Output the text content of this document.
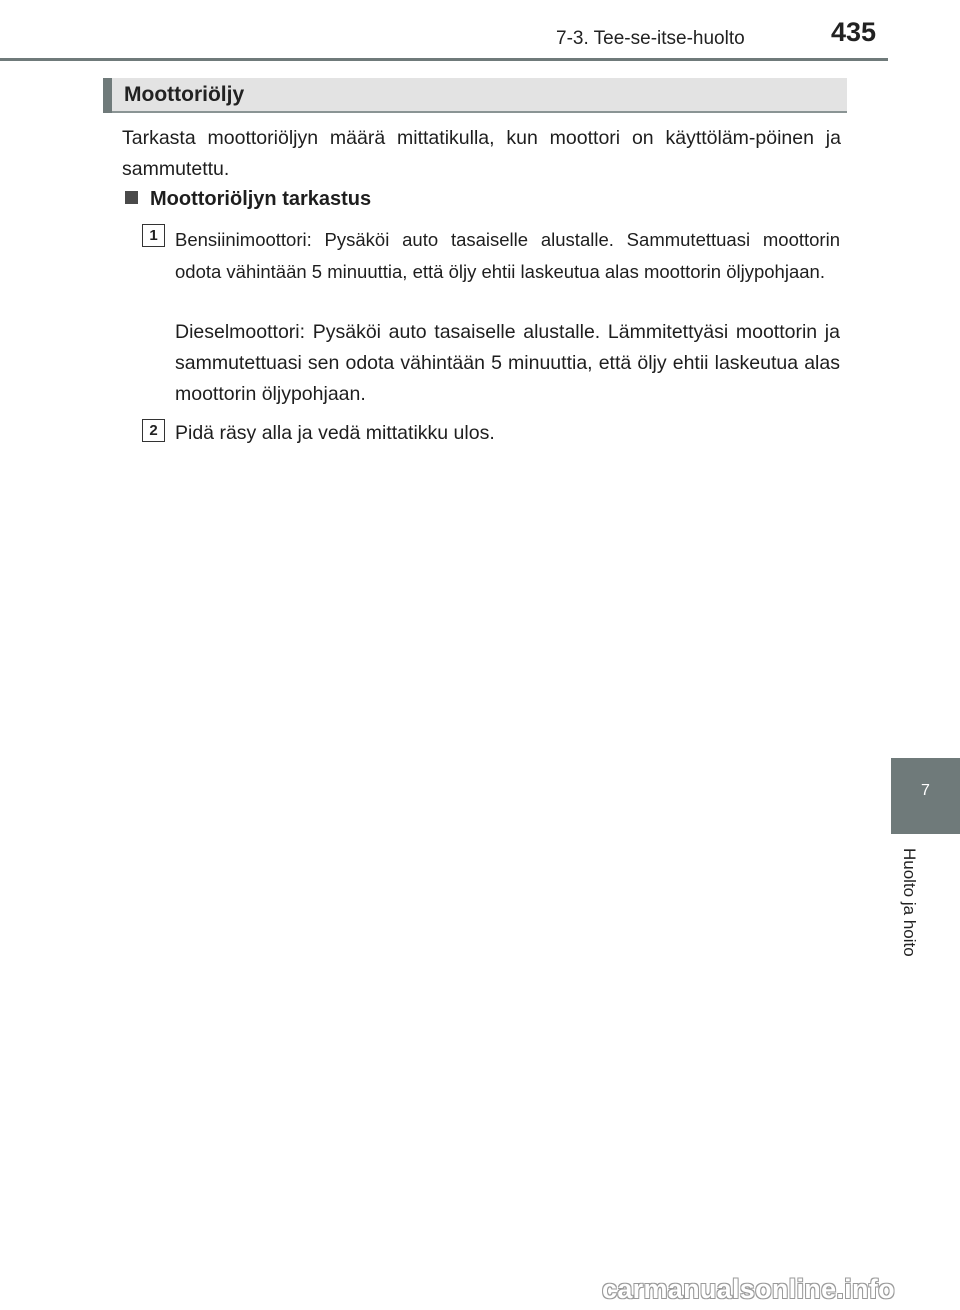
7-3. Tee-se-itse-huolto	435
Moottoriöljy
Tarkasta moottoriöljyn määrä mittatikulla, kun moottori on käyttöläm-pöinen ja sammutettu.
Moottoriöljyn tarkastus
1 Bensiinimoottori: Pysäköi auto tasaiselle alustalle. Sammutettuasi moottorin odota vähintään 5 minuuttia, että öljy ehtii laskeutua alas moottorin öljypohjaan.
Dieselmoottori: Pysäköi auto tasaiselle alustalle. Lämmitettyäsi moottorin ja sammutettuasi sen odota vähintään 5 minuuttia, että öljy ehtii laskeutua alas moottorin öljypohjaan.
2 Pidä räsy alla ja vedä mittatikku ulos.
7
Huolto ja hoito
carmanualsonline.info
